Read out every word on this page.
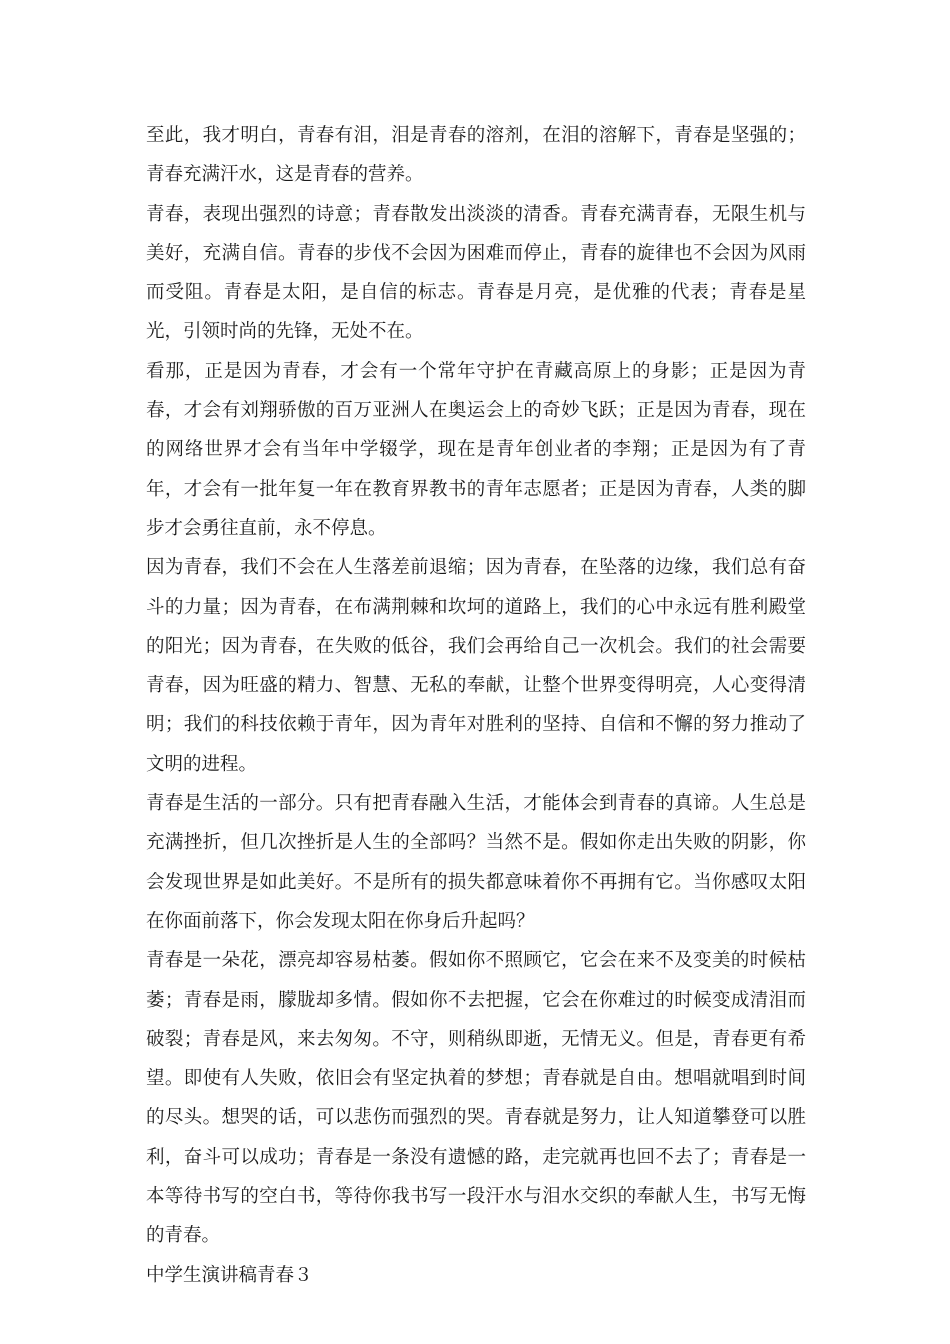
至此，我才明白，青春有泪，泪是青春的溶剂，在泪的溶解下，青春是坚强的；青春充满汗水，这是青春的营养。

青春，表现出强烈的诗意；青春散发出淡淡的清香。青春充满青春，无限生机与美好，充满自信。青春的步伐不会因为困难而停止，青春的旋律也不会因为风雨而受阻。青春是太阳，是自信的标志。青春是月亮，是优雅的代表；青春是星光，引领时尚的先锋，无处不在。

看那，正是因为青春，才会有一个常年守护在青藏高原上的身影；正是因为青春，才会有刘翔骄傲的百万亚洲人在奥运会上的奇妙飞跃；正是因为青春，现在的网络世界才会有当年中学辍学，现在是青年创业者的李翔；正是因为有了青年，才会有一批年复一年在教育界教书的青年志愿者；正是因为青春，人类的脚步才会勇往直前，永不停息。

因为青春，我们不会在人生落差前退缩；因为青春，在坠落的边缘，我们总有奋斗的力量；因为青春，在布满荆棘和坎坷的道路上，我们的心中永远有胜利殿堂的阳光；因为青春，在失败的低谷，我们会再给自己一次机会。我们的社会需要青春，因为旺盛的精力、智慧、无私的奉献，让整个世界变得明亮，人心变得清明；我们的科技依赖于青年，因为青年对胜利的坚持、自信和不懈的努力推动了文明的进程。

青春是生活的一部分。只有把青春融入生活，才能体会到青春的真谛。人生总是充满挫折，但几次挫折是人生的全部吗？当然不是。假如你走出失败的阴影，你会发现世界是如此美好。不是所有的损失都意味着你不再拥有它。当你感叹太阳在你面前落下，你会发现太阳在你身后升起吗？

青春是一朵花，漂亮却容易枯萎。假如你不照顾它，它会在来不及变美的时候枯萎；青春是雨，朦胧却多情。假如你不去把握，它会在你难过的时候变成清泪而破裂；青春是风，来去匆匆。不守，则稍纵即逝，无情无义。但是，青春更有希望。即使有人失败，依旧会有坚定执着的梦想；青春就是自由。想唱就唱到时间的尽头。想哭的话，可以悲伤而强烈的哭。青春就是努力，让人知道攀登可以胜利，奋斗可以成功；青春是一条没有遗憾的路，走完就再也回不去了；青春是一本等待书写的空白书，等待你我书写一段汗水与泪水交织的奉献人生，书写无悔的青春。

中学生演讲稿青春３
